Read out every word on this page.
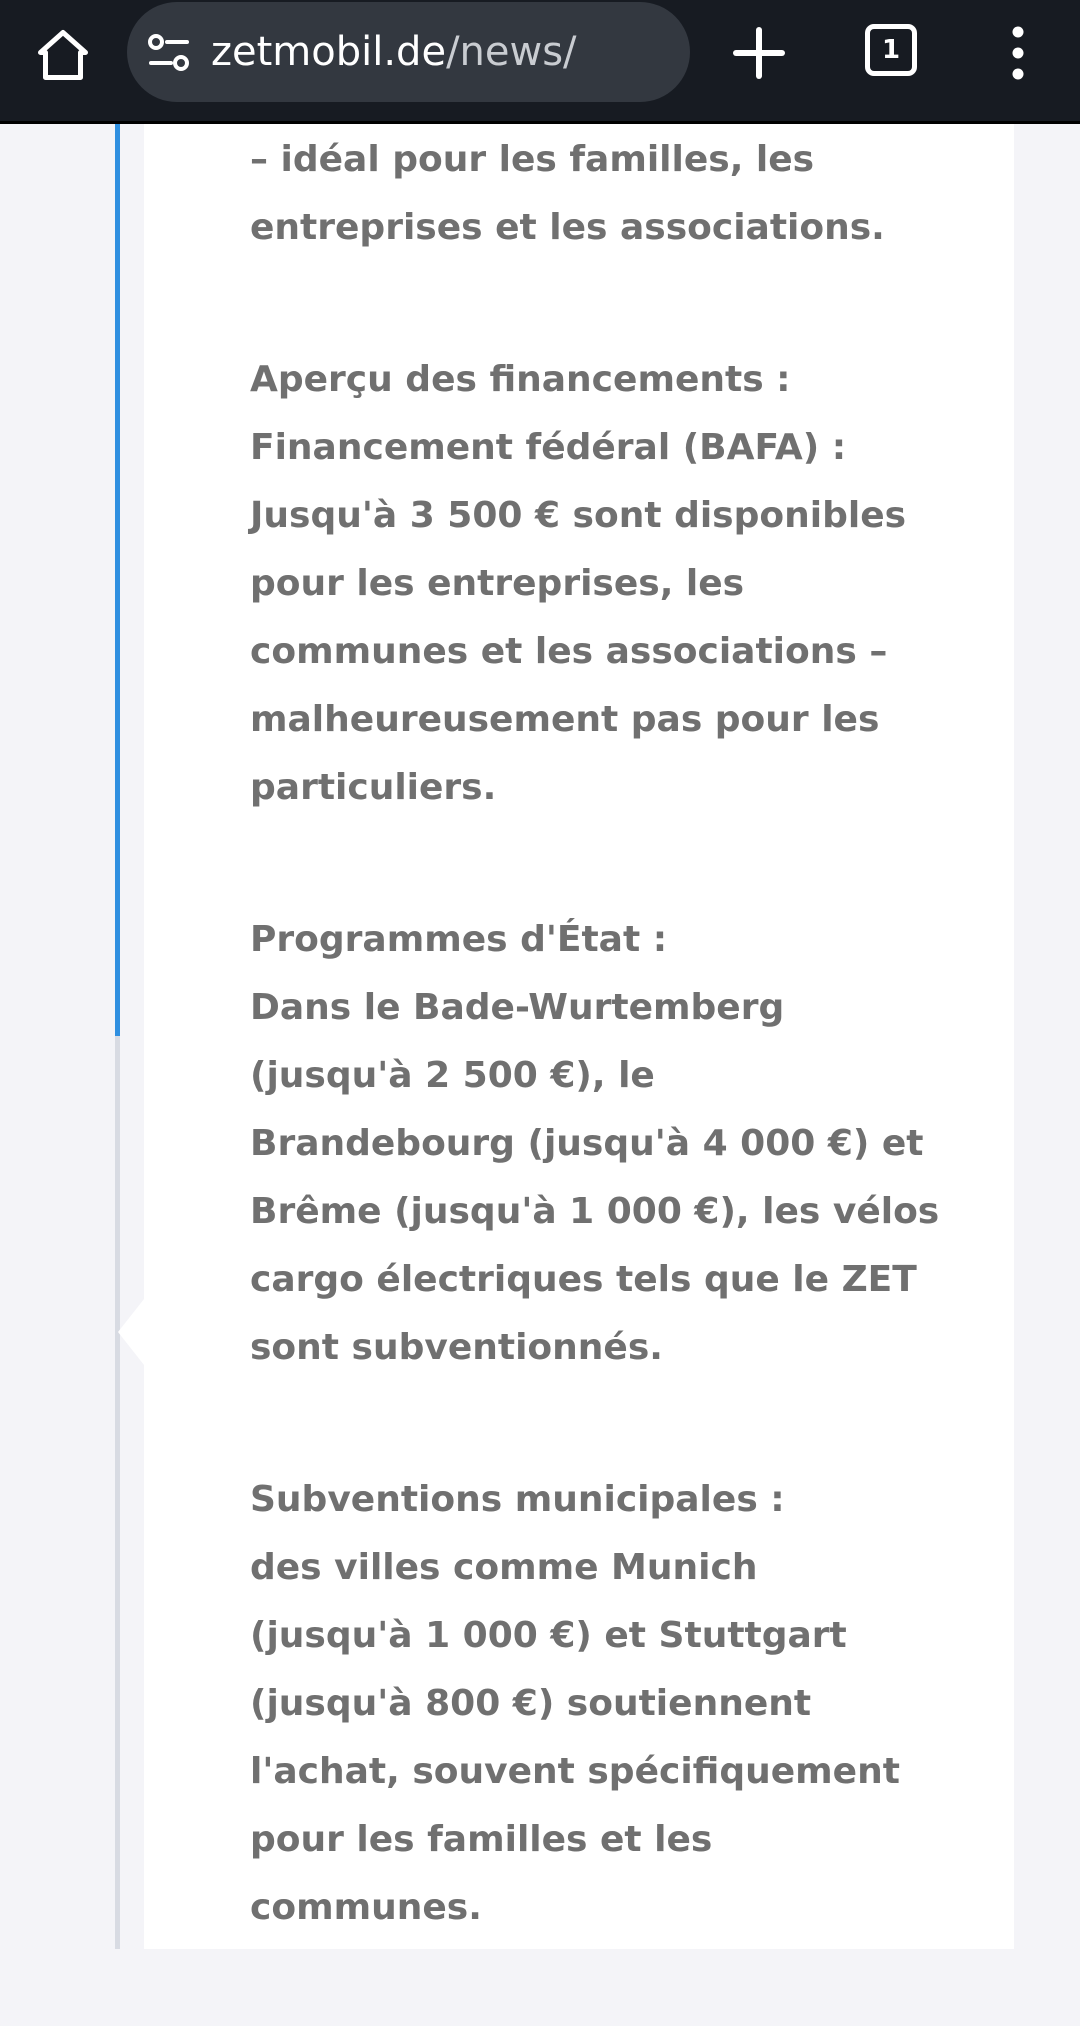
zetmobil.de/news/	1

– idéal pour les familles, les
entreprises et les associations.

Aperçu des financements :
Financement fédéral (BAFA) :
Jusqu'à 3 500 € sont disponibles
pour les entreprises, les
communes et les associations –
malheureusement pas pour les
particuliers.

Programmes d'État :
Dans le Bade-Wurtemberg
(jusqu'à 2 500 €), le
Brandebourg (jusqu'à 4 000 €) et
Brême (jusqu'à 1 000 €), les vélos
cargo électriques tels que le ZET
sont subventionnés.

Subventions municipales :
des villes comme Munich
(jusqu'à 1 000 €) et Stuttgart
(jusqu'à 800 €) soutiennent
l'achat, souvent spécifiquement
pour les familles et les
communes.
